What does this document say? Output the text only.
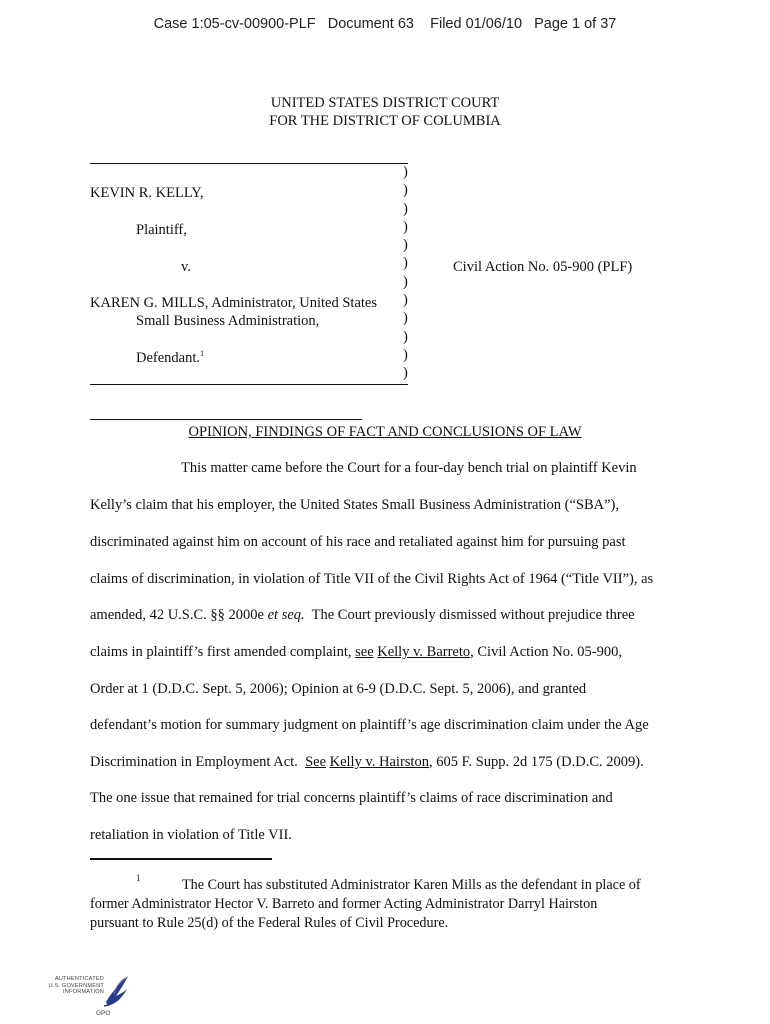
Case 1:05-cv-00900-PLF Document 63 Filed 01/06/10 Page 1 of 37
UNITED STATES DISTRICT COURT
FOR THE DISTRICT OF COLUMBIA
)
)
)
)
)
)
)
)
)
)
)
)
KEVIN R. KELLY,
Plaintiff,
v.	Civil Action No. 05-900 (PLF)
KAREN G. MILLS, Administrator, United States
Small Business Administration,
Defendant.$^1$
OPINION, FINDINGS OF FACT AND CONCLUSIONS OF LAW
This matter came before the Court for a four-day bench trial on plaintiff Kevin
Kelly’s claim that his employer, the United States Small Business Administration (“SBA”),
discriminated against him on account of his race and retaliated against him for pursuing past
claims of discrimination, in violation of Title VII of the Civil Rights Act of 1964 (“Title VII”), as
amended, 42 U.S.C. §§ 2000e et seq.  The Court previously dismissed without prejudice three
claims in plaintiff’s first amended complaint, see Kelly v. Barreto, Civil Action No. 05-900,
Order at 1 (D.D.C. Sept. 5, 2006); Opinion at 6-9 (D.D.C. Sept. 5, 2006), and granted
defendant’s motion for summary judgment on plaintiff’s age discrimination claim under the Age
Discrimination in Employment Act.  See Kelly v. Hairston, 605 F. Supp. 2d 175 (D.D.C. 2009).
The one issue that remained for trial concerns plaintiff’s claims of race discrimination and
retaliation in violation of Title VII.
1	The Court has substituted Administrator Karen Mills as the defendant in place of
former Administrator Hector V. Barreto and former Acting Administrator Darryl Hairston
pursuant to Rule 25(d) of the Federal Rules of Civil Procedure.
AUTHENTICATED
U.S. GOVERNMENT
INFORMATION
GPO
